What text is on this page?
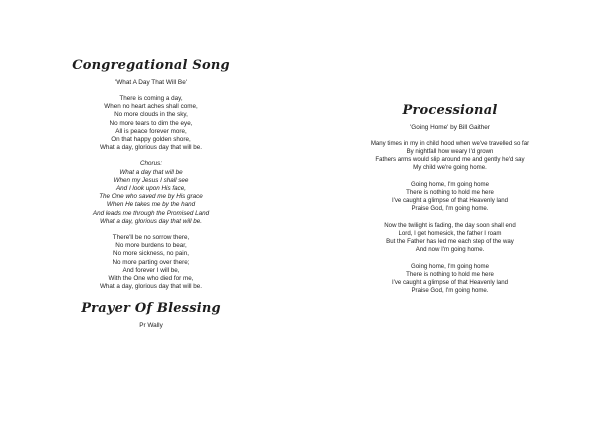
Congregational Song
'What A Day That Will Be'
There is coming a day,
When no heart aches shall come,
No more clouds in the sky,
No more tears to dim the eye,
All is peace forever more,
On that happy golden shore,
What a day, glorious day that will be.
Chorus:
What a day that will be
When my Jesus I shall see
And I look upon His face,
The One who saved me by His grace
When He takes me by the hand
And leads me through the Promised Land
What a day, glorious day that will be.
There'll be no sorrow there,
No more burdens to bear,
No more sickness, no pain,
No more parting over there;
And forever I will be,
With the One who died for me,
What a day, glorious day that will be.
Prayer Of Blessing
Pr Wally
Processional
'Going Home' by Bill Gaither
Many times in my in child hood when we've travelled so far
By nightfall how weary I'd grown
Fathers arms would slip around me and gently he'd say
My child we're going home.
Going home, I'm going home
There is nothing to hold me here
I've caught a glimpse of that Heavenly land
Praise God, I'm going home.
Now the twilight is fading, the day soon shall end
Lord, I get homesick, the father I roam
But the Father has led me each step of the way
And now I'm going home.
Going home, I'm going home
There is nothing to hold me here
I've caught a glimpse of that Heavenly land
Praise God, I'm going home.
